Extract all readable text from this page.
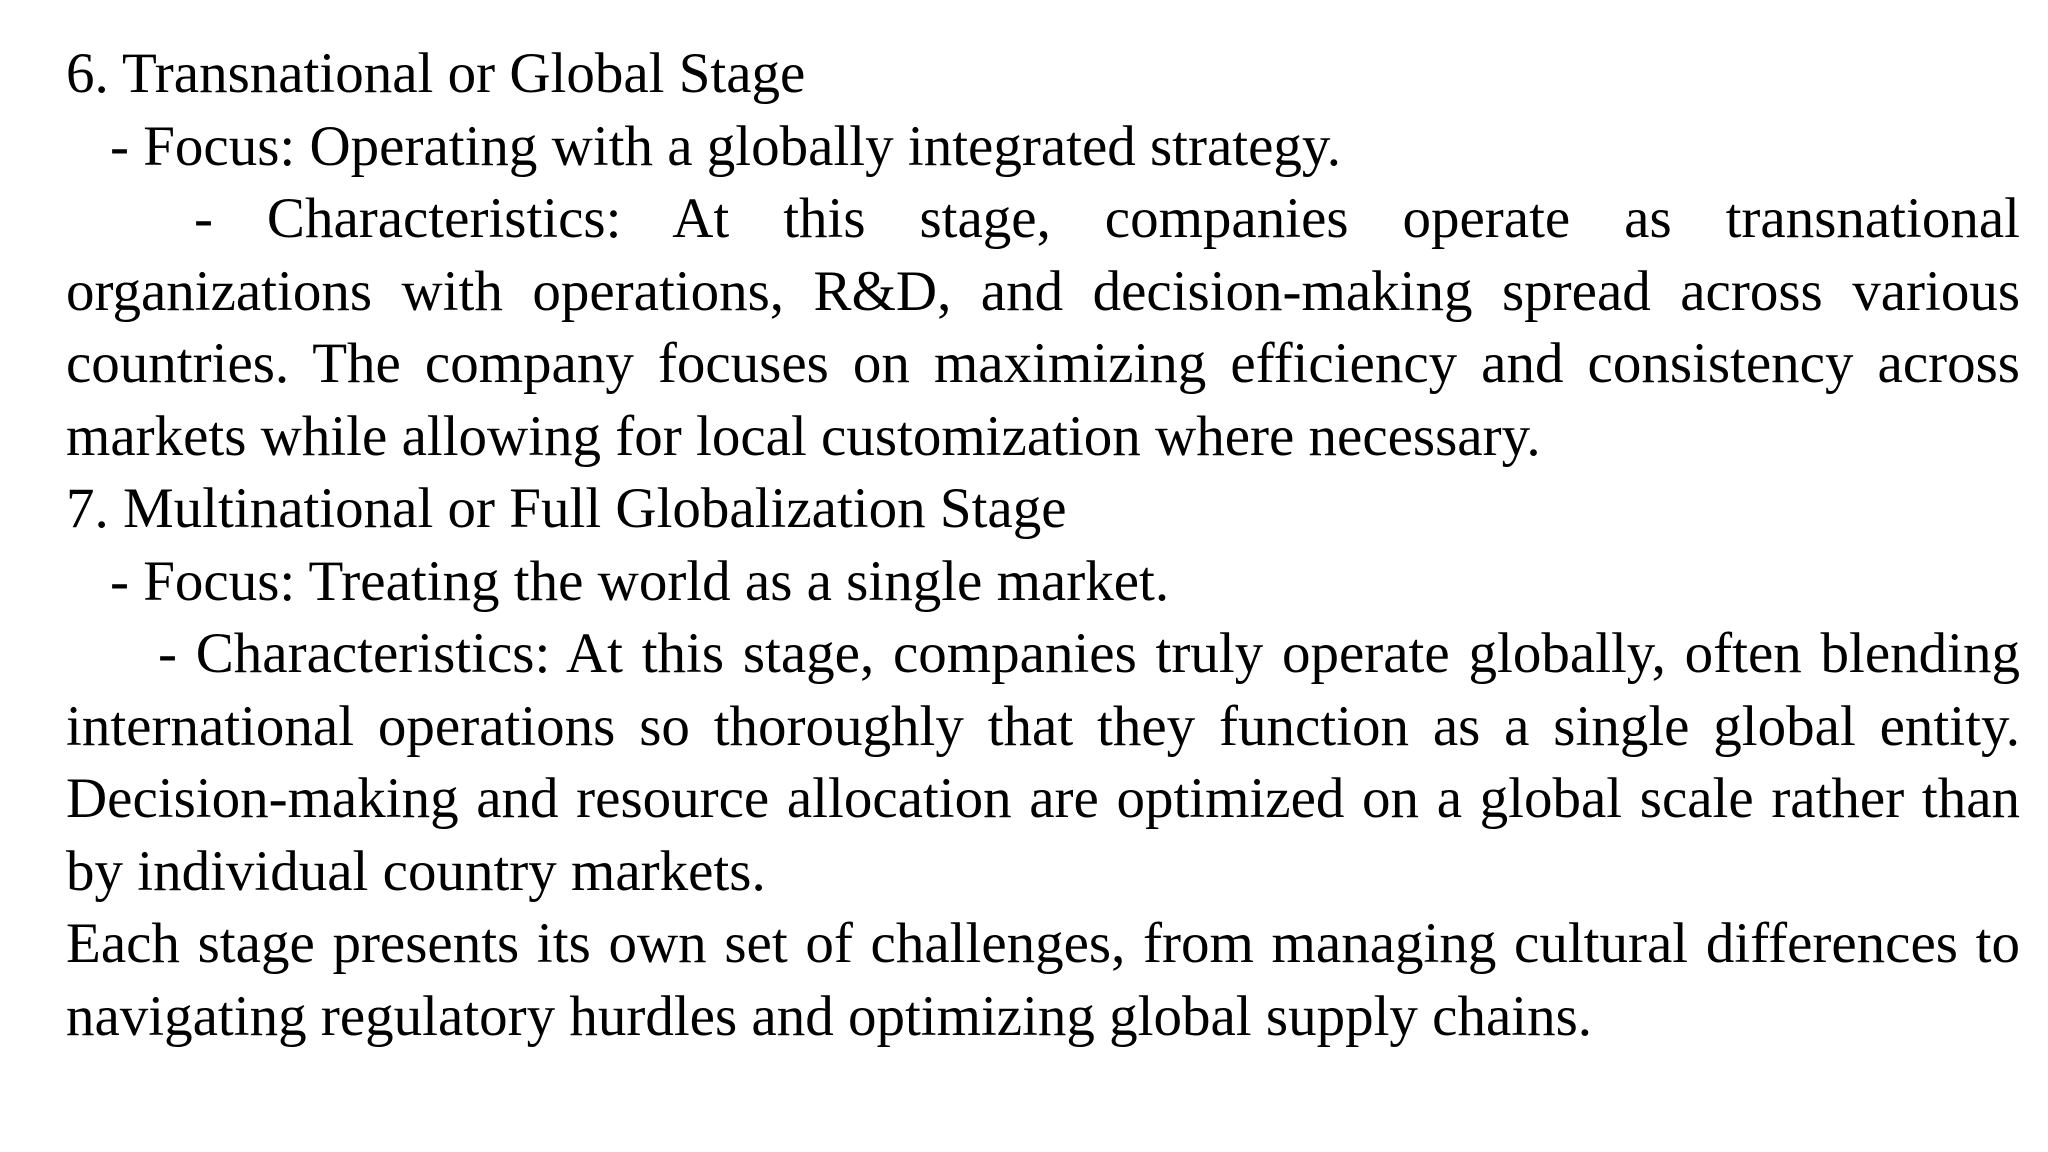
6. Transnational or Global Stage
- Focus: Operating with a globally integrated strategy.
- Characteristics: At this stage, companies operate as transnational organizations with operations, R&D, and decision-making spread across various countries. The company focuses on maximizing efficiency and consistency across markets while allowing for local customization where necessary.
7. Multinational or Full Globalization Stage
- Focus: Treating the world as a single market.
- Characteristics: At this stage, companies truly operate globally, often blending international operations so thoroughly that they function as a single global entity. Decision-making and resource allocation are optimized on a global scale rather than by individual country markets.
Each stage presents its own set of challenges, from managing cultural differences to navigating regulatory hurdles and optimizing global supply chains.
